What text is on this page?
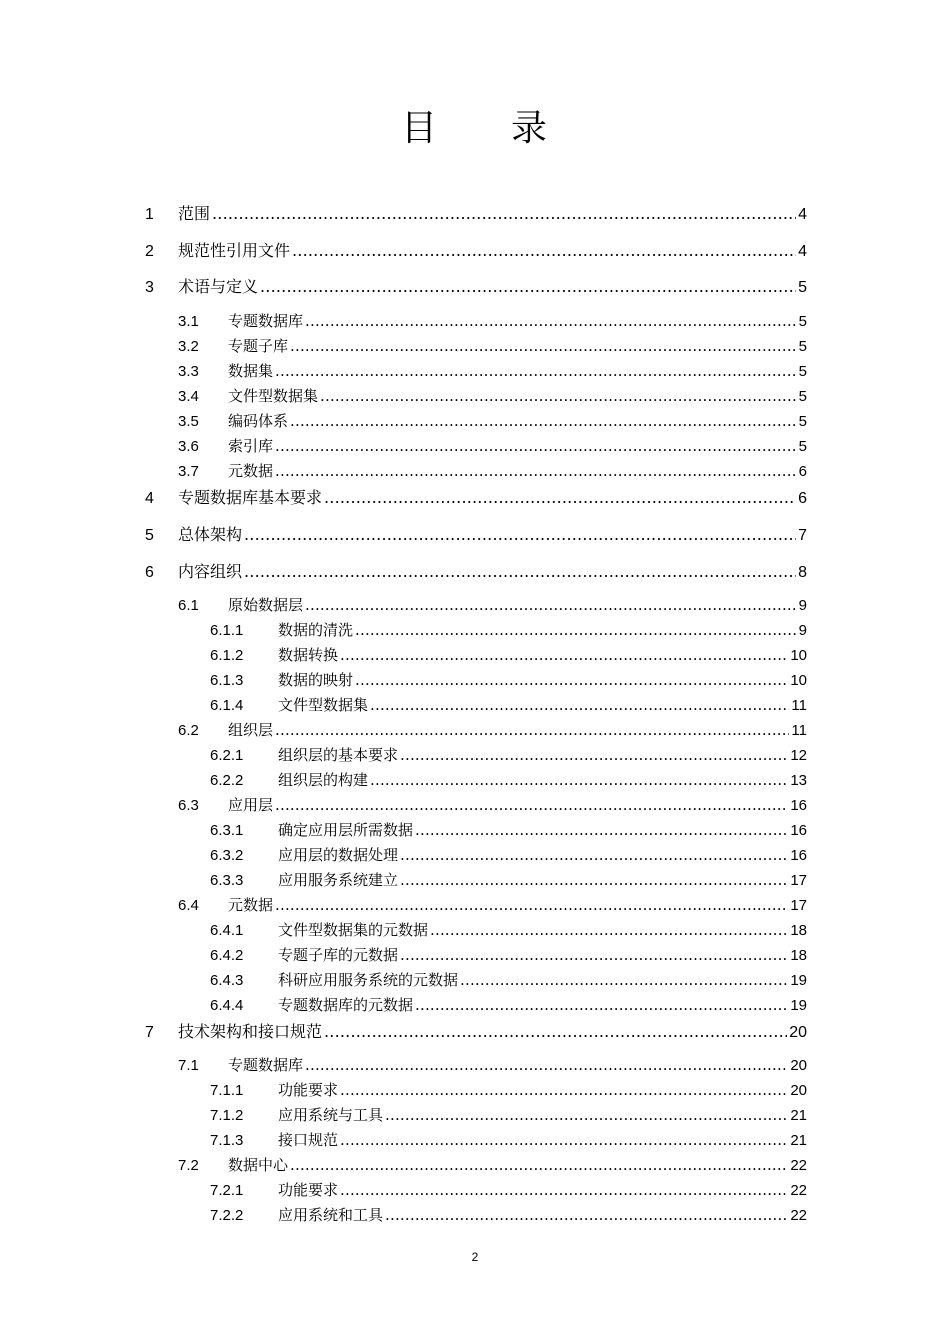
目 录
1	范围 .....	4
2	规范性引用文件 .....	4
3	术语与定义 .....	5
3.1	专题数据库 .....	5
3.2	专题子库 .....	5
3.3	数据集 .....	5
3.4	文件型数据集 .....	5
3.5	编码体系 .....	5
3.6	索引库 .....	5
3.7	元数据 .....	6
4	专题数据库基本要求 .....	6
5	总体架构 .....	7
6	内容组织 .....	8
6.1	原始数据层 .....	9
6.1.1	数据的清洗 .....	9
6.1.2	数据转换 .....	10
6.1.3	数据的映射 .....	10
6.1.4	文件型数据集 .....	11
6.2	组织层 .....	11
6.2.1	组织层的基本要求 .....	12
6.2.2	组织层的构建 .....	13
6.3	应用层 .....	16
6.3.1	确定应用层所需数据 .....	16
6.3.2	应用层的数据处理 .....	16
6.3.3	应用服务系统建立 .....	17
6.4	元数据 .....	17
6.4.1	文件型数据集的元数据 .....	18
6.4.2	专题子库的元数据 .....	18
6.4.3	科研应用服务系统的元数据 .....	19
6.4.4	专题数据库的元数据 .....	19
7	技术架构和接口规范 .....	20
7.1	专题数据库 .....	20
7.1.1	功能要求 .....	20
7.1.2	应用系统与工具 .....	21
7.1.3	接口规范 .....	21
7.2	数据中心 .....	22
7.2.1	功能要求 .....	22
7.2.2	应用系统和工具 .....	22
2
